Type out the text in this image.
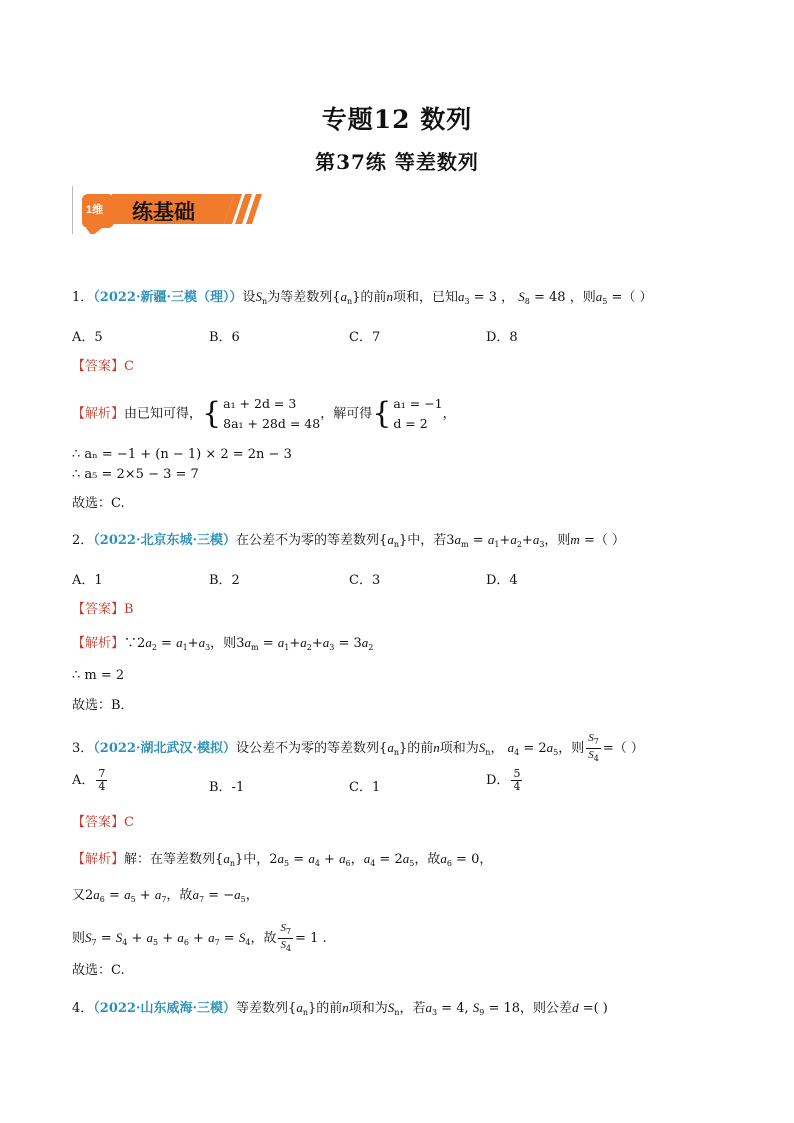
专题12 数列
第37练 等差数列
1维 练基础
1．（2022·新疆·三模（理））设$S_n$为等差数列$\{a_n\}$的前n项和，已知$a_3 = 3$ ， $S_8 = 48$ ，则$a_5$ =（ ）
A．5	B．6	C．7	D．8
【答案】C
【解析】由已知可得，{ a₁ + 2d = 3
8a₁ + 28d = 48，解可得{ a₁ = −1
d = 2，
∴ aₙ = −1 + (n − 1) × 2 = 2n − 3
∴ a₅ = 2×5 − 3 = 7
故选：C.
2．（2022·北京东城·三模）在公差不为零的等差数列$\{a_n\}$中，若$3a_m = a_1+a_2+a_3$，则m =（ ）
A．1	B．2	C．3	D．4
【答案】B
【解析】$\because 2a_2 = a_1+a_3$，则$3a_m = a_1+a_2+a_3 = 3a_2$
∴ m = 2
故选：B．
3．（2022·湖北武汉·模拟）设公差不为零的等差数列$\{a_n\}$的前n项和为$S_n$， $a_4 = 2a_5$，则 $\frac{S_7}{S_4}$ =（ ）
A． $\frac{7}{4}$	B．-1	C．1	D． $\frac{5}{4}$
【答案】C
【解析】解：在等差数列$\{a_n\}$中，$2a_5 = a_4 + a_6$，$a_4 = 2a_5$，故$a_6 = 0$，
又$2a_6 = a_5 + a_7$，故$a_7 = -a_5$，
则$S_7 = S_4 + a_5 + a_6 + a_7 = S_4$，故 $\frac{S_7}{S_4} = 1$ .
故选：C.
4．（2022·山东威海·三模）等差数列$\{a_n\}$的前n项和为$S_n$，若$a_3 = 4$, $S_9 = 18$，则公差d =( )
